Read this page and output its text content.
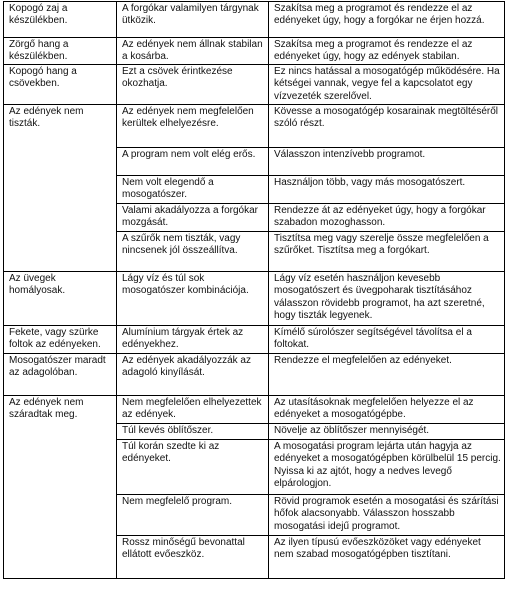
Kopogó zaj a készülékben.	A forgókar valamilyen tárgynak ütközik.	Szakítsa meg a programot és rendezze el az edényeket úgy, hogy a forgókar ne érjen hozzá.
Zörgő hang a készülékben.	Az edények nem állnak stabilan a kosárba.	Szakítsa meg a programot és rendezze el az edényeket úgy, hogy az edények stabilan.
Kopogó hang a csövekben.	Ezt a csövek érintkezése okozhatja.	Ez nincs hatással a mosogatógép működésére. Ha kétségei vannak, vegye fel a kapcsolatot egy vízvezeték szerelővel.
Az edények nem tiszták.	Az edények nem megfelelően kerültek elhelyezésre.	Kövesse a mosogatógép kosarainak megtöltéséről szóló részt.
	A program nem volt elég erős.	Válasszon intenzívebb programot.
	Nem volt elegendő a mosogatószer.	Használjon több, vagy más mosogatószert.
	Valami akadályozza a forgókar mozgását.	Rendezze át az edényeket úgy, hogy a forgókar szabadon mozoghasson.
	A szűrők nem tiszták, vagy nincsenek jól összeállítva.	Tisztítsa meg vagy szerelje össze megfelelően a szűrőket. Tisztítsa meg a forgókart.
Az üvegek homályosak.	Lágy víz és túl sok mosogatószer kombinációja.	Lágy víz esetén használjon kevesebb mosogatószert és üvegpoharak tisztításához válasszon rövidebb programot, ha azt szeretné, hogy tiszták legyenek.
Fekete, vagy szürke foltok az edényeken.	Alumínium tárgyak értek az edényekhez.	Kímélő súrolószer segítségével távolítsa el a foltokat.
Mosogatószer maradt az adagolóban.	Az edények akadályozzák az adagoló kinyílását.	Rendezze el megfelelően az edényeket.
Az edények nem száradtak meg.	Nem megfelelően elhelyezettek az edények.	Az utasításoknak megfelelően helyezze el az edényeket a mosogatógépbe.
	Túl kevés öblítőszer.	Növelje az öblítőszer mennyiségét.
	Túl korán szedte ki az edényeket.	A mosogatási program lejárta után hagyja az edényeket a mosogatógépben körülbelül 15 percig. Nyissa ki az ajtót, hogy a nedves levegő elpárologjon.
	Nem megfelelő program.	Rövid programok esetén a mosogatási és szárítási hőfok alacsonyabb. Válasszon hosszabb mosogatási idejű programot.
	Rossz minőségű bevonattal ellátott evőeszköz.	Az ilyen típusú evőeszközöket vagy edényeket nem szabad mosogatógépben tisztítani.
